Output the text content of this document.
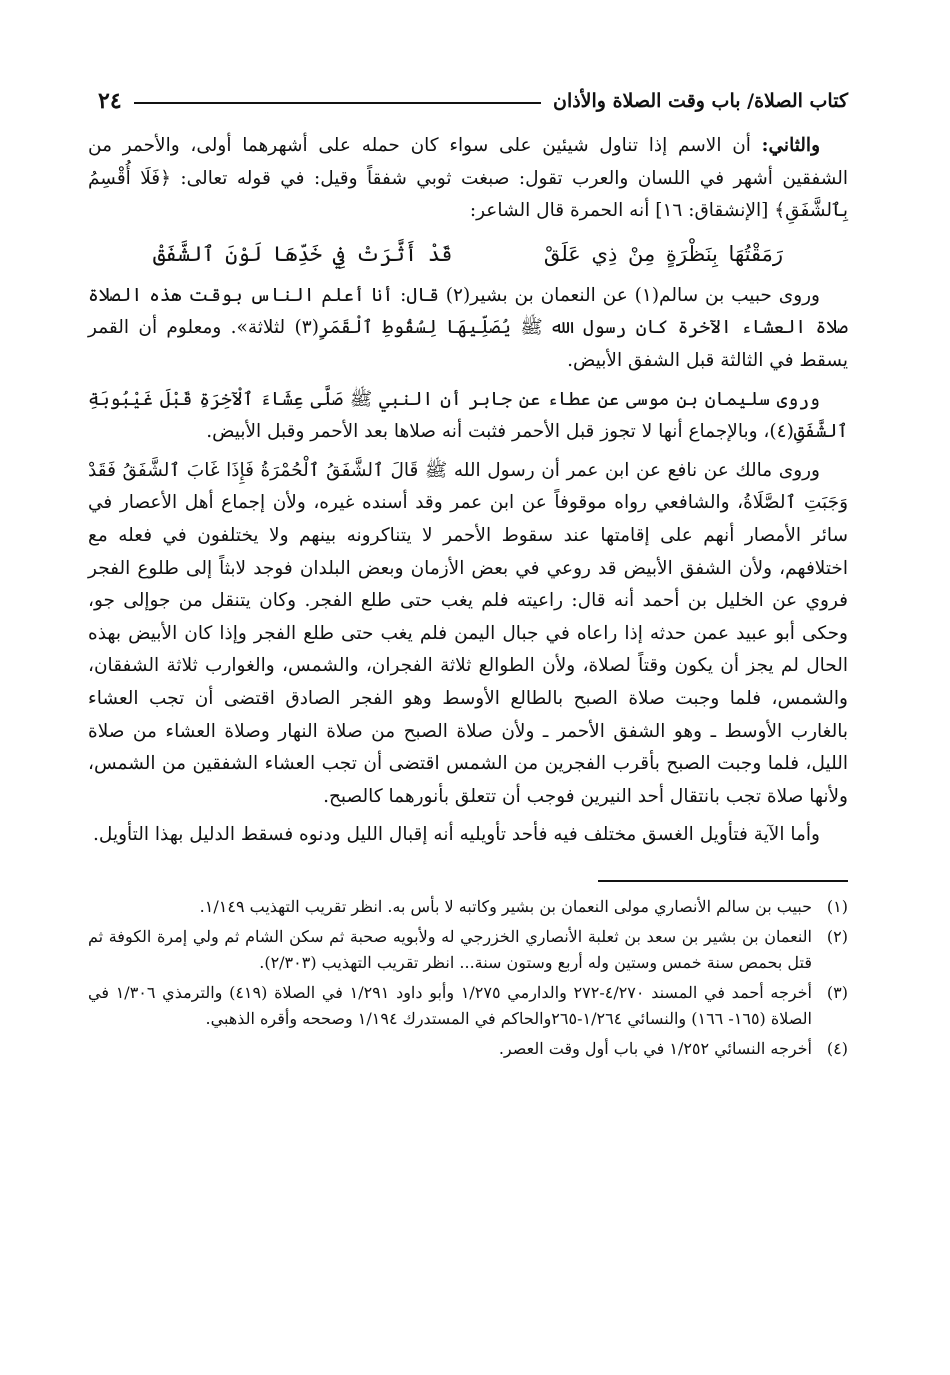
كتاب الصلاة/ باب وقت الصلاة والأذان
٢٤

والثاني: أن الاسم إذا تناول شيئين على سواء كان حمله على أشهرهما أولى، والأحمر من الشفقين أشهر في اللسان والعرب تقول: صبغت ثوبي شفقاً وقيل: في قوله تعالى: ﴿فَلَا أُقْسِمُ بِٱلشَّفَقِ﴾ [الإنشقاق: ١٦] أنه الحمرة قال الشاعر:

رَمَقْتُهَا بِنَظْرَةٍ مِنْ ذِي عَلَقْ  قَدْ أَثَّرَتْ فِي خَدِّهَا لَوْنَ ٱلشَّفَقْ

وروى حبيب بن سالم(١) عن النعمان بن بشير(٢) قال: أنا أعلم الناس بوقت هذه الصلاة صلاة العشاء الآخرة كان رسول الله ﷺ يُصَلِّيهَا لِسُقُوطِ ٱلْقَمَرِ(٣) لثلاثة». ومعلوم أن القمر يسقط في الثالثة قبل الشفق الأبيض.

وروى سليمان بن موسى عن عطاء عن جابر أن النبي ﷺ صَلَّى عِشَاءَ ٱلْآخِرَةِ قَبْلَ غَيْبُوبَةِ ٱلشَّفَقِ(٤)، وبالإجماع أنها لا تجوز قبل الأحمر فثبت أنه صلاها بعد الأحمر وقبل الأبيض.

وروى مالك عن نافع عن ابن عمر أن رسول الله ﷺ قَالَ ٱلشَّفَقُ ٱلْحُمْرَةُ فَإِذَا غَابَ ٱلشَّفَقُ فَقَدْ وَجَبَتِ ٱلصَّلَاةُ، والشافعي رواه موقوفاً عن ابن عمر وقد أسنده غيره، ولأن إجماع أهل الأعصار في سائر الأمصار أنهم على إقامتها عند سقوط الأحمر لا يتناكرونه بينهم ولا يختلفون في فعله مع اختلافهم، ولأن الشفق الأبيض قد روعي في بعض الأزمان وبعض البلدان فوجد لابثاً إلى طلوع الفجر فروي عن الخليل بن أحمد أنه قال: راعيته فلم يغب حتى طلع الفجر. وكان يتنقل من جوإلى جو، وحكى أبو عبيد عمن حدثه إذا راعاه في جبال اليمن فلم يغب حتى طلع الفجر وإذا كان الأبيض بهذه الحال لم يجز أن يكون وقتاً لصلاة، ولأن الطوالع ثلاثة الفجران، والشمس، والغوارب ثلاثة الشفقان، والشمس، فلما وجبت صلاة الصبح بالطالع الأوسط وهو الفجر الصادق اقتضى أن تجب العشاء بالغارب الأوسط ـ وهو الشفق الأحمر ـ ولأن صلاة الصبح من صلاة النهار وصلاة العشاء من صلاة الليل، فلما وجبت الصبح بأقرب الفجرين من الشمس اقتضى أن تجب العشاء الشفقين من الشمس، ولأنها صلاة تجب بانتقال أحد النيرين فوجب أن تتعلق بأنورهما كالصبح.

وأما الآية فتأويل الغسق مختلف فيه فأحد تأويليه أنه إقبال الليل ودنوه فسقط الدليل بهذا التأويل.

(١)
حبيب بن سالم الأنصاري مولى النعمان بن بشير وكاتبه لا بأس به. انظر تقريب التهذيب ١/١٤٩.
(٢)
النعمان بن بشير بن سعد بن ثعلبة الأنصاري الخزرجي له ولأبويه صحبة ثم سكن الشام ثم ولي إمرة الكوفة ثم قتل بحمص سنة خمس وستين وله أربع وستون سنة... انظر تقريب التهذيب (٢/٣٠٣).
(٣)
أخرجه أحمد في المسند ٤/٢٧٠-٢٧٢ والدارمي ١/٢٧٥ وأبو داود ١/٢٩١ في الصلاة (٤١٩) والترمذي ١/٣٠٦ في الصلاة (١٦٥- ١٦٦) والنسائي ١/٢٦٤-٢٦٥والحاكم في المستدرك ١/١٩٤ وصححه وأقره الذهبي.
(٤)
أخرجه النسائي ١/٢٥٢ في باب أول وقت العصر.
